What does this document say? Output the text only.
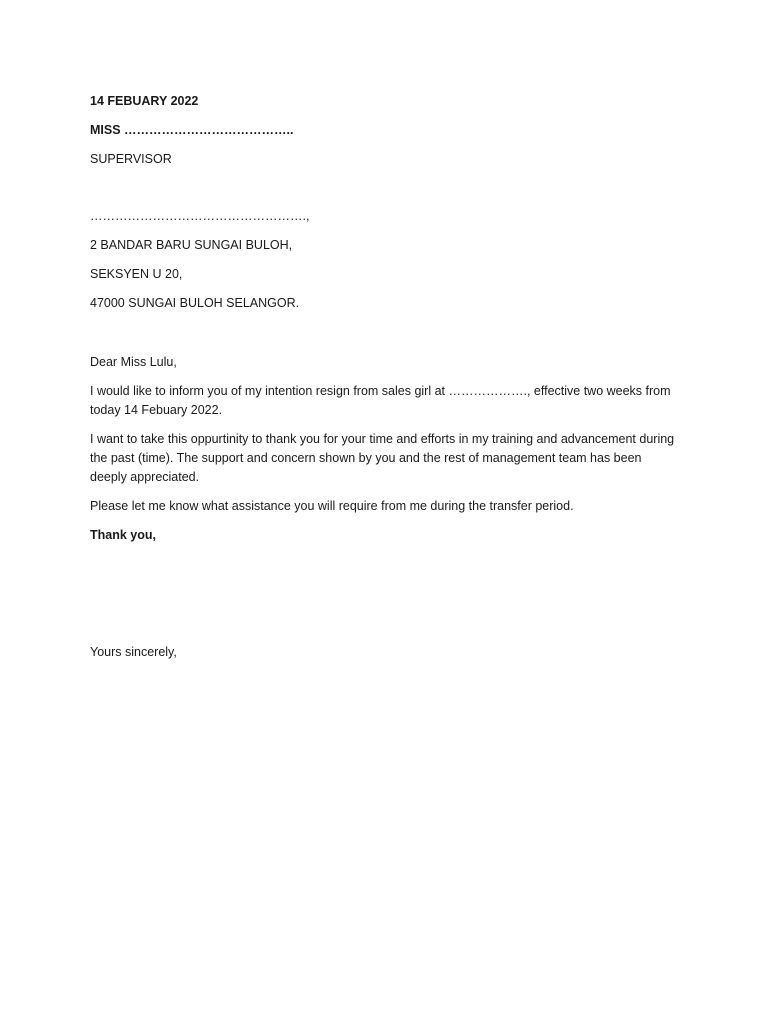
14 FEBUARY 2022
MISS …………………………………..
SUPERVISOR
…………………………………………….,
2 BANDAR BARU SUNGAI BULOH,
SEKSYEN U 20,
47000 SUNGAI BULOH SELANGOR.
Dear Miss Lulu,
I would like to inform you of my intention resign from sales girl at ………………., effective two weeks from today 14 Febuary 2022.
I want to take this oppurtinity to thank you for your time and efforts in my training and advancement during the past (time). The support and concern shown by you and the rest of management team has been deeply appreciated.
Please let me know what assistance you will require from me during the transfer period.
Thank you,
Yours sincerely,
